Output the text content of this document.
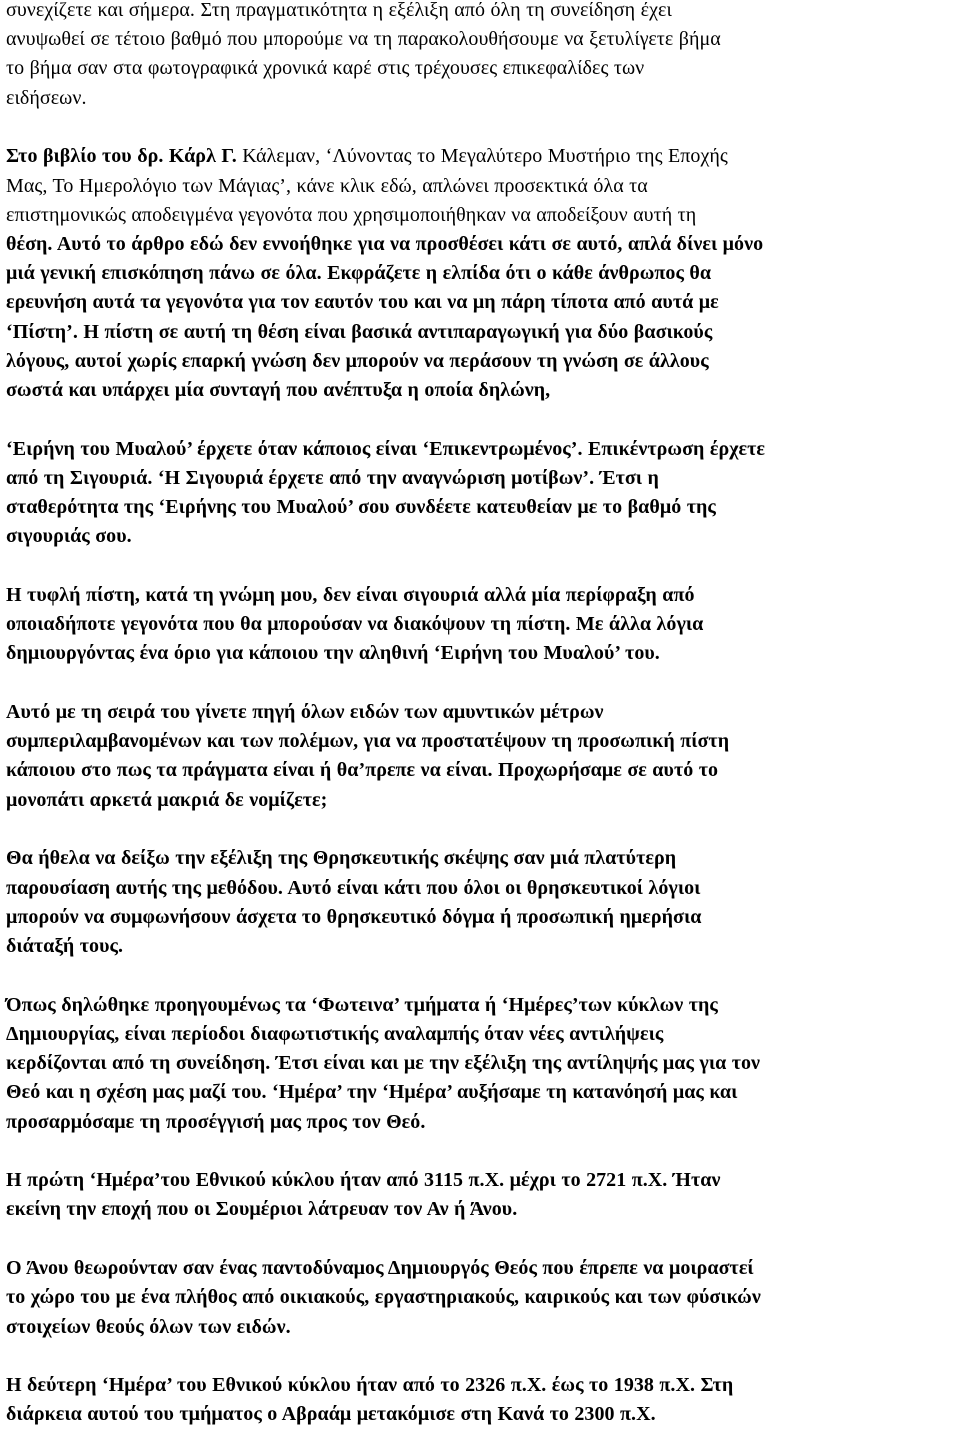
συνεχίζετε και σήμερα. Στη πραγματικότητα η εξέλιξη από όλη τη συνείδηση έχει
ανυψωθεί σε τέτοιο βαθμό που μπορούμε να τη παρακολουθήσουμε να ξετυλίγετε βήμα
το βήμα σαν στα φωτογραφικά χρονικά καρέ στις τρέχουσες επικεφαλίδες των
ειδήσεων.

Στο βιβλίο του δρ. Κάρλ Γ. Κάλεμαν, ‘Λύνοντας το Μεγαλύτερο Μυστήριο της Εποχής
Μας, Το Ημερολόγιο των Μάγιας’, κάνε κλικ εδώ, απλώνει προσεκτικά όλα τα
επιστημονικώς αποδειγμένα γεγονότα που χρησιμοποιήθηκαν να αποδείξουν αυτή τη
θέση. Αυτό το άρθρο εδώ δεν εννοήθηκε για να προσθέσει κάτι σε αυτό, απλά δίνει μόνο
μιά γενική επισκόπηση πάνω σε όλα. Εκφράζετε η ελπίδα ότι ο κάθε άνθρωπος θα
ερευνήση αυτά τα γεγονότα για τον εαυτόν του και να μη πάρη τίποτα από αυτά με
‘Πίστη’. Η πίστη σε αυτή τη θέση είναι βασικά αντιπαραγωγική για δύο βασικούς
λόγους, αυτοί χωρίς επαρκή γνώση δεν μπορούν να περάσουν τη γνώση σε άλλους
σωστά και υπάρχει μία συνταγή που ανέπτυξα η οποία δηλώνη,

‘Ειρήνη του Μυαλού’ έρχετε όταν κάποιος είναι ‘Επικεντρωμένος’. Επικέντρωση έρχετε
από τη Σιγουριά. ‘Η Σιγουριά έρχετε από την αναγνώριση μοτίβων’. Έτσι η
σταθερότητα της ‘Ειρήνης του Μυαλού’ σου συνδέετε κατευθείαν με το βαθμό της
σιγουριάς σου.

Η τυφλή πίστη, κατά τη γνώμη μου, δεν είναι σιγουριά αλλά μία περίφραξη από
οποιαδήποτε γεγονότα που θα μπορούσαν να διακόψουν τη πίστη. Με άλλα λόγια
δημιουργόντας ένα όριο για κάποιου την αληθινή ‘Ειρήνη του Μυαλού’ του.

Αυτό με τη σειρά του γίνετε πηγή όλων ειδών των αμυντικών μέτρων
συμπεριλαμβανομένων και των πολέμων, για να προστατέψουν τη προσωπική πίστη
κάποιου στο πως τα πράγματα είναι ή θα’πρεπε να είναι. Προχωρήσαμε σε αυτό το
μονοπάτι αρκετά μακριά δε νομίζετε;

Θα ήθελα να δείξω την εξέλιξη της Θρησκευτικής σκέψης σαν μιά πλατύτερη
παρουσίαση αυτής της μεθόδου. Αυτό είναι κάτι που όλοι οι θρησκευτικοί λόγιοι
μπορούν να συμφωνήσουν άσχετα το θρησκευτικό δόγμα ή προσωπική ημερήσια
διάταξή τους.

Όπως δηλώθηκε προηγουμένως τα ‘Φωτεινα’ τμήματα ή ‘Ημέρες’των κύκλων της
Δημιουργίας, είναι περίοδοι διαφωτιστικής αναλαμπής όταν νέες αντιλήψεις
κερδίζονται από τη συνείδηση. Έτσι είναι και με την εξέλιξη της αντίληψής μας για τον
Θεό και η σχέση μας μαζί του. ‘Ημέρα’ την ‘Ημέρα’ αυξήσαμε τη κατανόησή μας και
προσαρμόσαμε τη προσέγγισή μας προς τον Θεό.

Η πρώτη ‘Ημέρα’του Εθνικού κύκλου ήταν από 3115 π.Χ. μέχρι το 2721 π.Χ. Ήταν
εκείνη την εποχή που οι Σουμέριοι λάτρευαν τον Αν ή Άνου.

Ο Άνου θεωρούνταν σαν ένας παντοδύναμος Δημιουργός Θεός που έπρεπε να μοιραστεί
το χώρο του με ένα πλήθος από οικιακούς, εργαστηριακούς, καιρικούς και των φύσικών
στοιχείων θεούς όλων των ειδών.

Η δεύτερη ‘Ημέρα’ του Εθνικού κύκλου ήταν από το 2326 π.Χ. έως το 1938 π.Χ. Στη
διάρκεια αυτού του τμήματος ο Αβραάμ μετακόμισε στη Κανά το 2300 π.Χ.
